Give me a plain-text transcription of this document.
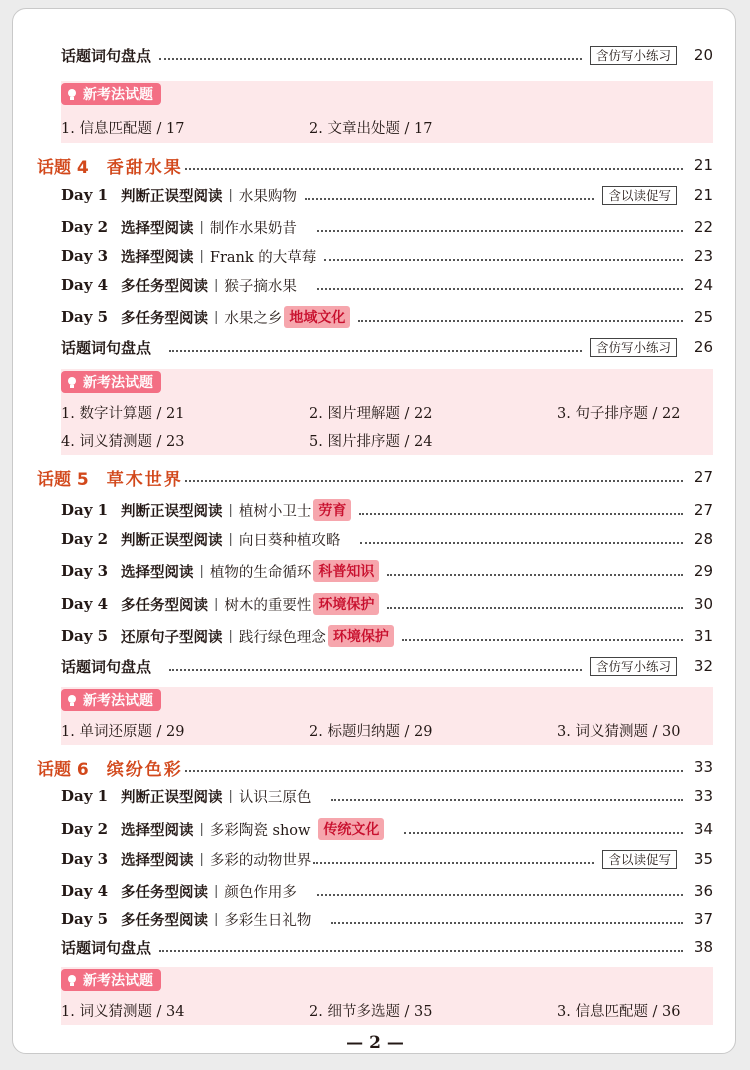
话题词句盘点	含仿写小练习	20
新考法试题
1. 信息匹配题 / 17	2. 文章出处题 / 17
话题 4 香甜水果	21
Day 1 判断正误型阅读 | 水果购物	含以读促写	21
Day 2 选择型阅读 | 制作水果奶昔	22
Day 3 选择型阅读 | Frank 的大草莓	23
Day 4 多任务型阅读 | 猴子摘水果	24
Day 5 多任务型阅读 | 水果之乡 地域文化	25
话题词句盘点	含仿写小练习	26
新考法试题
1. 数字计算题 / 21	2. 图片理解题 / 22	3. 句子排序题 / 22
4. 词义猜测题 / 23	5. 图片排序题 / 24
话题 5 草木世界	27
Day 1 判断正误型阅读 | 植树小卫士 劳育	27
Day 2 判断正误型阅读 | 向日葵种植攻略	28
Day 3 选择型阅读 | 植物的生命循环 科普知识	29
Day 4 多任务型阅读 | 树木的重要性 环境保护	30
Day 5 还原句子型阅读 | 践行绿色理念 环境保护	31
话题词句盘点	含仿写小练习	32
新考法试题
1. 单词还原题 / 29	2. 标题归纳题 / 29	3. 词义猜测题 / 30
话题 6 缤纷色彩	33
Day 1 判断正误型阅读 | 认识三原色	33
Day 2 选择型阅读 | 多彩陶瓷 show 传统文化	34
Day 3 选择型阅读 | 多彩的动物世界	含以读促写	35
Day 4 多任务型阅读 | 颜色作用多	36
Day 5 多任务型阅读 | 多彩生日礼物	37
话题词句盘点	38
新考法试题
1. 词义猜测题 / 34	2. 细节多选题 / 35	3. 信息匹配题 / 36
— 2 —
